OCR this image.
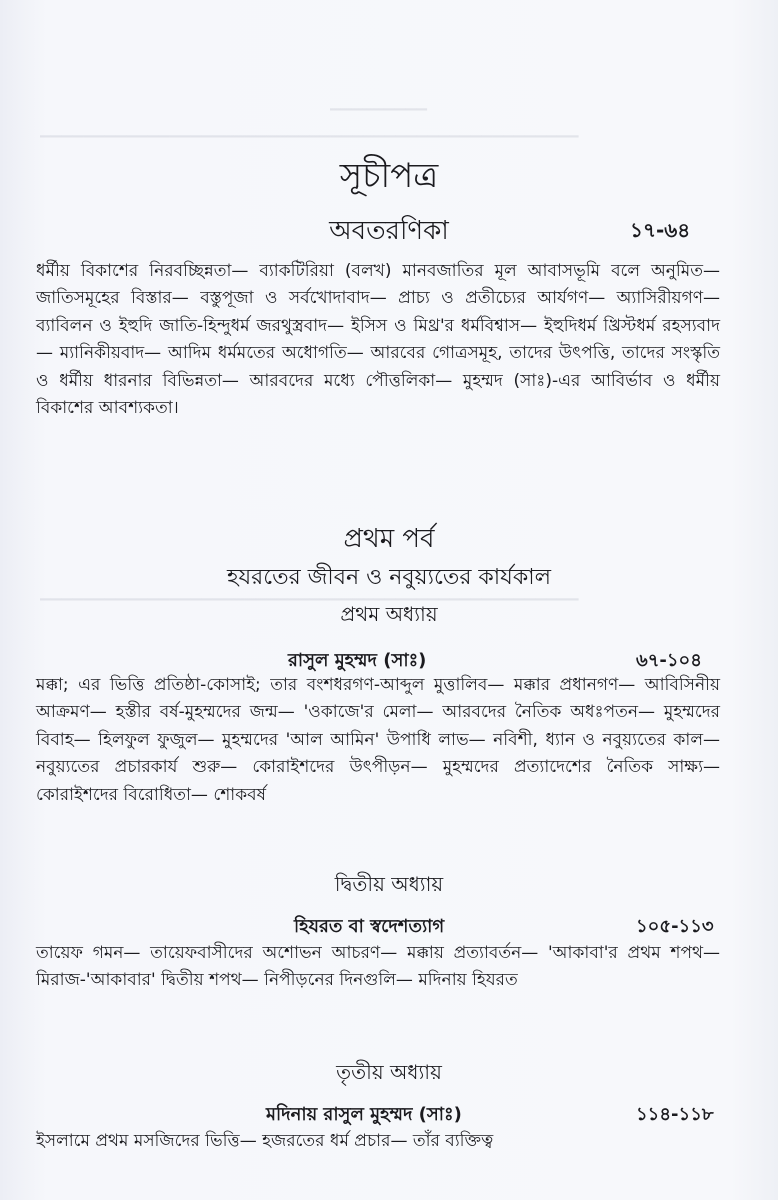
▁▁▁▁▁▁▁▁▁
▁▁▁▁▁▁▁▁▁▁▁▁▁▁▁▁▁▁▁▁▁▁▁▁▁▁▁▁▁▁▁▁▁▁▁▁▁▁▁▁▁▁▁▁▁▁▁▁▁▁
▁▁▁▁▁▁▁▁▁▁▁▁▁▁▁▁▁▁▁▁▁▁▁▁▁▁▁▁▁▁▁▁▁▁▁▁▁▁▁▁▁▁▁▁▁▁▁▁▁▁
সূচীপত্র
অবতরণিকা	১৭-৬৪
ধর্মীয় বিকাশের নিরবচ্ছিন্নতা— ব্যাকটিরিয়া (বলখ) মানবজাতির মূল আবাসভূমি বলে অনুমিত— জাতিসমূহের বিস্তার— বস্তুপূজা ও সর্বখোদাবাদ— প্রাচ্য ও প্রতীচ্যের আর্যগণ— অ্যাসিরীয়গণ— ব্যাবিলন ও ইহুদি জাতি-হিন্দুধর্ম জরথুস্ত্রবাদ— ইসিস ও মিথ্র'র ধর্মবিশ্বাস— ইহুদিধর্ম খ্রিস্টধর্ম রহস্যবাদ— ম্যানিকীয়বাদ— আদিম ধর্মমতের অধোগতি— আরবের গোত্রসমূহ, তাদের উৎপত্তি, তাদের সংস্কৃতি ও ধর্মীয় ধারনার বিভিন্নতা— আরবদের মধ্যে পৌত্তলিকা— মুহম্মদ (সাঃ)-এর আবির্ভাব ও ধর্মীয় বিকাশের আবশ্যকতা।
প্রথম পর্ব
হযরতের জীবন ও নবুয়্যতের কার্যকাল
প্রথম অধ্যায়
রাসুল মুহম্মদ (সাঃ)	৬৭-১০৪
মক্কা; এর ভিত্তি প্রতিষ্ঠা-কোসাই; তার বংশধরগণ-আব্দুল মুত্তালিব— মক্কার প্রধানগণ— আবিসিনীয় আক্রমণ— হস্তীর বর্ষ-মুহম্মদের জন্ম— 'ওকাজে'র মেলা— আরবদের নৈতিক অধঃপতন— মুহম্মদের বিবাহ— হিলফুল ফুজুল— মুহম্মদের 'আল আমিন' উপাধি লাভ— নবিশী, ধ্যান ও নবুয়্যতের কাল— নবুয়্যতের প্রচারকার্য শুরু— কোরাইশদের উৎপীড়ন— মুহম্মদের প্রত্যাদেশের নৈতিক সাক্ষ্য— কোরাইশদের বিরোধিতা— শোকবর্ষ
দ্বিতীয় অধ্যায়
হিযরত বা স্বদেশত্যাগ	১০৫-১১৩
তায়েফ গমন— তায়েফবাসীদের অশোভন আচরণ— মক্কায় প্রত্যাবর্তন— 'আকাবা'র প্রথম শপথ— মিরাজ-'আকাবার' দ্বিতীয় শপথ— নিপীড়নের দিনগুলি— মদিনায় হিযরত
তৃতীয় অধ্যায়
মদিনায় রাসুল মুহম্মদ (সাঃ)	১১৪-১১৮
ইসলামে প্রথম মসজিদের ভিত্তি— হজরতের ধর্ম প্রচার— তাঁর ব্যক্তিত্ব
